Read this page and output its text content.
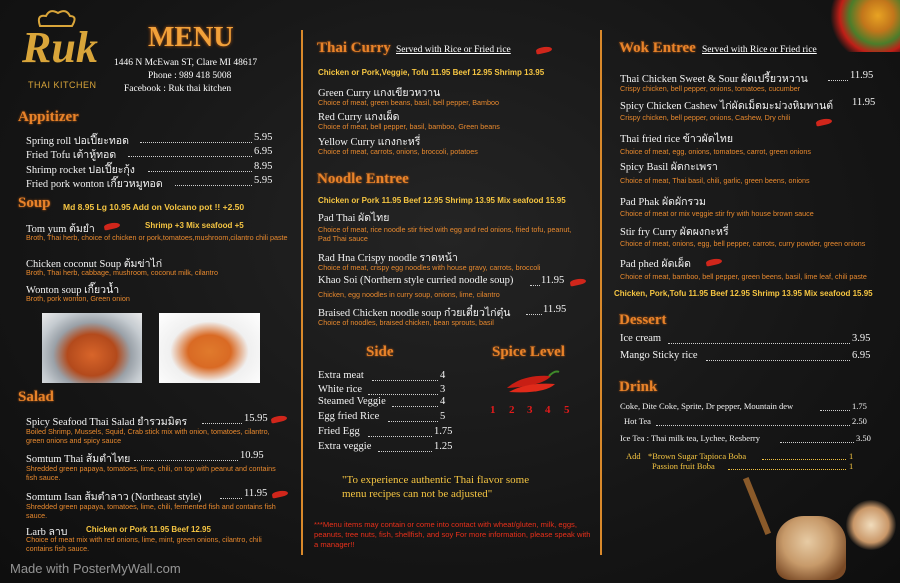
Ruk
THAI KITCHEN
MENU
1446 N McEwan ST, Clare MI 48617
Phone : 989 418 5008
Facebook : Ruk thai kitchen
Appitizer
Spring roll ปอเปี๊ยะทอด	5.95
Fried Tofu เต้าหู้ทอด	6.95
Shrimp rocket ปอเปี๊ยะกุ้ง	8.95
Fried pork wonton เกี๊ยวหมูทอด	5.95
Soup Md 8.95 Lg 10.95 Add on Volcano pot !! +2.50
Tom yum ต้มยำ	Shrimp +3 Mix seafood +5
Broth, Thai herb, choice of chicken or pork,tomatoes,mushroom,cilantro chili paste
Chicken coconut Soup ต้มข่าไก่
Broth, Thai herb, cabbage, mushroom, coconut milk, cilantro
Wonton soup เกี๊ยวน้ำ
Broth, pork wonton, Green onion
Salad
Spicy Seafood Thai Salad ยำรวมมิตร	15.95
Boiled Shrimp, Mussels, Squid, Crab stick mix with onion, tomatoes, cilantro, green onions and spicy sauce
Somtum Thai ส้มตำไทย	10.95
Shredded green papaya, tomatoes, lime, chili, on top with peanut and contains fish sauce.
Somtum Isan ส้มตำลาว (Northeast style)	11.95
Shredded green papaya, tomatoes, lime, chili, fermented fish and contains fish sauce.
Larb ลาบ Chicken or Pork 11.95 Beef 12.95
Choice of meat mix with red onions, lime, mint, green onions, cilantro, chili contains fish sauce.
Made with PosterMyWall.com
Thai Curry Served with Rice or Fried rice
Chicken or Pork,Veggie, Tofu 11.95 Beef 12.95 Shrimp 13.95
Green Curry แกงเขียวหวาน
Choice of meat, green beans, basil, bell pepper, Bamboo
Red Curry แกงเผ็ด
Choice of meat, bell pepper, basil, bamboo, Green beans
Yellow Curry แกงกะหรี่
Choice of meat, carrots, onions, broccoli, potatoes
Noodle Entree
Chicken or Pork 11.95 Beef 12.95 Shrimp 13.95 Mix seafood 15.95
Pad Thai ผัดไทย
Choice of meat, rice noodle stir fried with egg and red onions, fried tofu, peanut, Pad Thai sauce
Rad Hna Crispy noodle ราดหน้า
Choice of meat, crispy egg noodles with house gravy, carrots, broccoli
Khao Soi (Northern style curried noodle soup)	11.95
Chicken, egg noodles in curry soup, onions, lime, cilantro
Braised Chicken noodle soup ก๋วยเตี๋ยวไก่ตุ๋น	11.95
Choice of noodles, braised chicken, bean sprouts, basil
Side
Extra meat	4
White rice	3
Steamed Veggie	4
Egg fried Rice	5
Fried Egg	1.75
Extra veggie	1.25
Spice Level
1 2 3 4 5
"To experience authentic Thai flavor some
menu recipes can not be adjusted"
***Menu items may contain or come into contact with wheat/gluten, milk, eggs, peanuts, tree nuts, fish, shellfish, and soy For more information, please speak with a manager!!
Wok Entree Served with Rice or Fried rice
Thai Chicken Sweet & Sour ผัดเปรี้ยวหวาน	11.95
Crispy chicken, bell pepper, onions, tomatoes, cucumber
Spicy Chicken Cashew ไก่ผัดเม็ดมะม่วงหิมพานต์ 11.95
Crispy chicken, bell pepper, onions, Cashew, Dry chili
Thai fried rice ข้าวผัดไทย
Choice of meat, egg, onions, tomatoes, carrot, green onions
Spicy Basil ผัดกะเพรา
Choice of meat, Thai basil, chili, garlic, green beens, onions
Pad Phak ผัดผักรวม
Choice of meat or mix veggie stir fry with house brown sauce
Stir fry Curry ผัดผงกะหรี่
Choice of meat, onions, egg, bell pepper, carrots, curry powder, green onions
Pad phed ผัดเผ็ด
Choice of meat, bamboo, bell pepper, green beens, basil, lime leaf, chili paste
Chicken, Pork,Tofu 11.95 Beef 12.95 Shrimp 13.95 Mix seafood 15.95
Dessert
Ice cream	3.95
Mango Sticky rice	6.95
Drink
Coke, Dite Coke, Sprite, Dr pepper, Mountain dew	1.75
Hot Tea	2.50
Ice Tea : Thai milk tea, Lychee, Resberry	3.50
Add *Brown Sugar Tapioca Boba	1
Passion fruit Boba	1
